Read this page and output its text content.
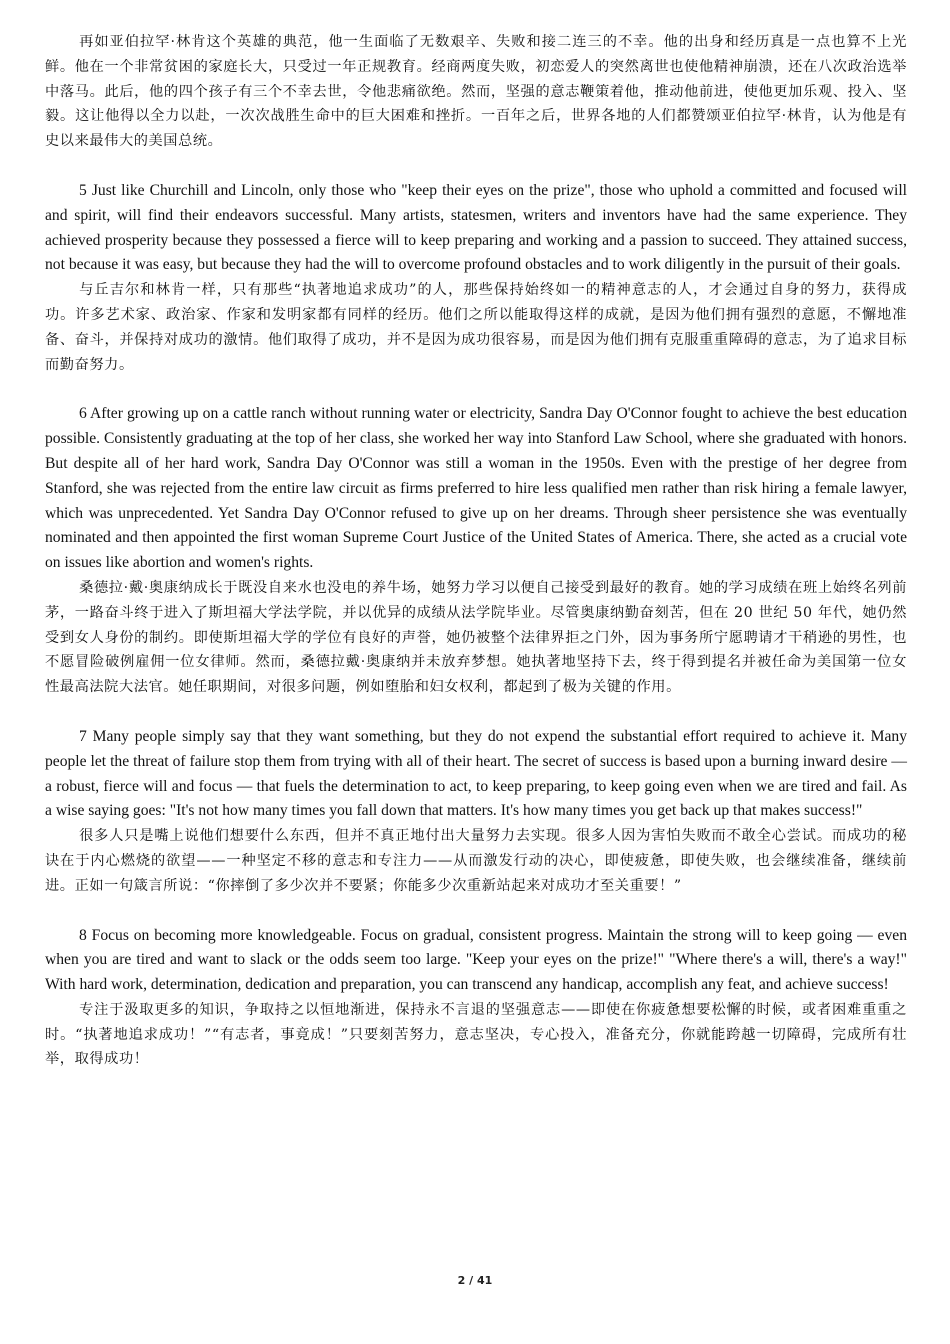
再如亚伯拉罕·林肯这个英雄的典范，他一生面临了无数艰辛、失败和接二连三的不幸。他的出身和经历真是一点也算不上光鲜。他在一个非常贫困的家庭长大，只受过一年正规教育。经商两度失败，初恋爱人的突然离世也使他精神崩溃，还在八次政治选举中落马。此后，他的四个孩子有三个不幸去世，令他悲痛欲绝。然而，坚强的意志鞭策着他，推动他前进，使他更加乐观、投入、坚毅。这让他得以全力以赴，一次次战胜生命中的巨大困难和挫折。一百年之后，世界各地的人们都赞颂亚伯拉罕·林肯，认为他是有史以来最伟大的美国总统。

5 Just like Churchill and Lincoln, only those who "keep their eyes on the prize", those who uphold a committed and focused will and spirit, will find their endeavors successful. Many artists, statesmen, writers and inventors have had the same experience. They achieved prosperity because they possessed a fierce will to keep preparing and working and a passion to succeed. They attained success, not because it was easy, but because they had the will to overcome profound obstacles and to work diligently in the pursuit of their goals.

与丘吉尔和林肯一样，只有那些“执著地追求成功”的人，那些保持始终如一的精神意志的人，才会通过自身的努力，获得成功。许多艺术家、政治家、作家和发明家都有同样的经历。他们之所以能取得这样的成就，是因为他们拥有强烈的意愿，不懈地准备、奋斗，并保持对成功的激情。他们取得了成功，并不是因为成功很容易，而是因为他们拥有克服重重障碍的意志，为了追求目标而勤奋努力。

6 After growing up on a cattle ranch without running water or electricity, Sandra Day O'Connor fought to achieve the best education possible. Consistently graduating at the top of her class, she worked her way into Stanford Law School, where she graduated with honors. But despite all of her hard work, Sandra Day O'Connor was still a woman in the 1950s. Even with the prestige of her degree from Stanford, she was rejected from the entire law circuit as firms preferred to hire less qualified men rather than risk hiring a female lawyer, which was unprecedented. Yet Sandra Day O'Connor refused to give up on her dreams. Through sheer persistence she was eventually nominated and then appointed the first woman Supreme Court Justice of the United States of America. There, she acted as a crucial vote on issues like abortion and women's rights.

桑德拉·戴·奥康纳成长于既没自来水也没电的养牛场，她努力学习以便自己接受到最好的教育。她的学习成绩在班上始终名列前茅，一路奋斗终于进入了斯坦福大学法学院，并以优异的成绩从法学院毕业。尽管奥康纳勤奋刻苦，但在 20 世纪 50 年代，她仍然受到女人身份的制约。即使斯坦福大学的学位有良好的声誉，她仍被整个法律界拒之门外，因为事务所宁愿聘请才干稍逊的男性，也不愿冒险破例雇佣一位女律师。然而，桑德拉戴·奥康纳并未放弃梦想。她执著地坚持下去，终于得到提名并被任命为美国第一位女性最高法院大法官。她任职期间，对很多问题，例如堕胎和妇女权利，都起到了极为关键的作用。

7 Many people simply say that they want something, but they do not expend the substantial effort required to achieve it. Many people let the threat of failure stop them from trying with all of their heart. The secret of success is based upon a burning inward desire — a robust, fierce will and focus — that fuels the determination to act, to keep preparing, to keep going even when we are tired and fail. As a wise saying goes: "It's not how many times you fall down that matters. It's how many times you get back up that makes success!"

很多人只是嘴上说他们想要什么东西，但并不真正地付出大量努力去实现。很多人因为害怕失败而不敢全心尝试。而成功的秘诀在于内心燃烧的欲望——一种坚定不移的意志和专注力——从而激发行动的决心，即使疲惫，即使失败，也会继续准备，继续前进。正如一句箴言所说：“你摔倒了多少次并不要紧；你能多少次重新站起来对成功才至关重要！”

8 Focus on becoming more knowledgeable. Focus on gradual, consistent progress. Maintain the strong will to keep going — even when you are tired and want to slack or the odds seem too large. "Keep your eyes on the prize!" "Where there's a will, there's a way!" With hard work, determination, dedication and preparation, you can transcend any handicap, accomplish any feat, and achieve success!

专注于汲取更多的知识，争取持之以恒地渐进，保持永不言退的坚强意志——即使在你疲惫想要松懈的时候，或者困难重重之时。“执著地追求成功！”“有志者，事竟成！”只要刻苦努力，意志坚决，专心投入，准备充分，你就能跨越一切障碍，完成所有壮举，取得成功！

2 / 41
